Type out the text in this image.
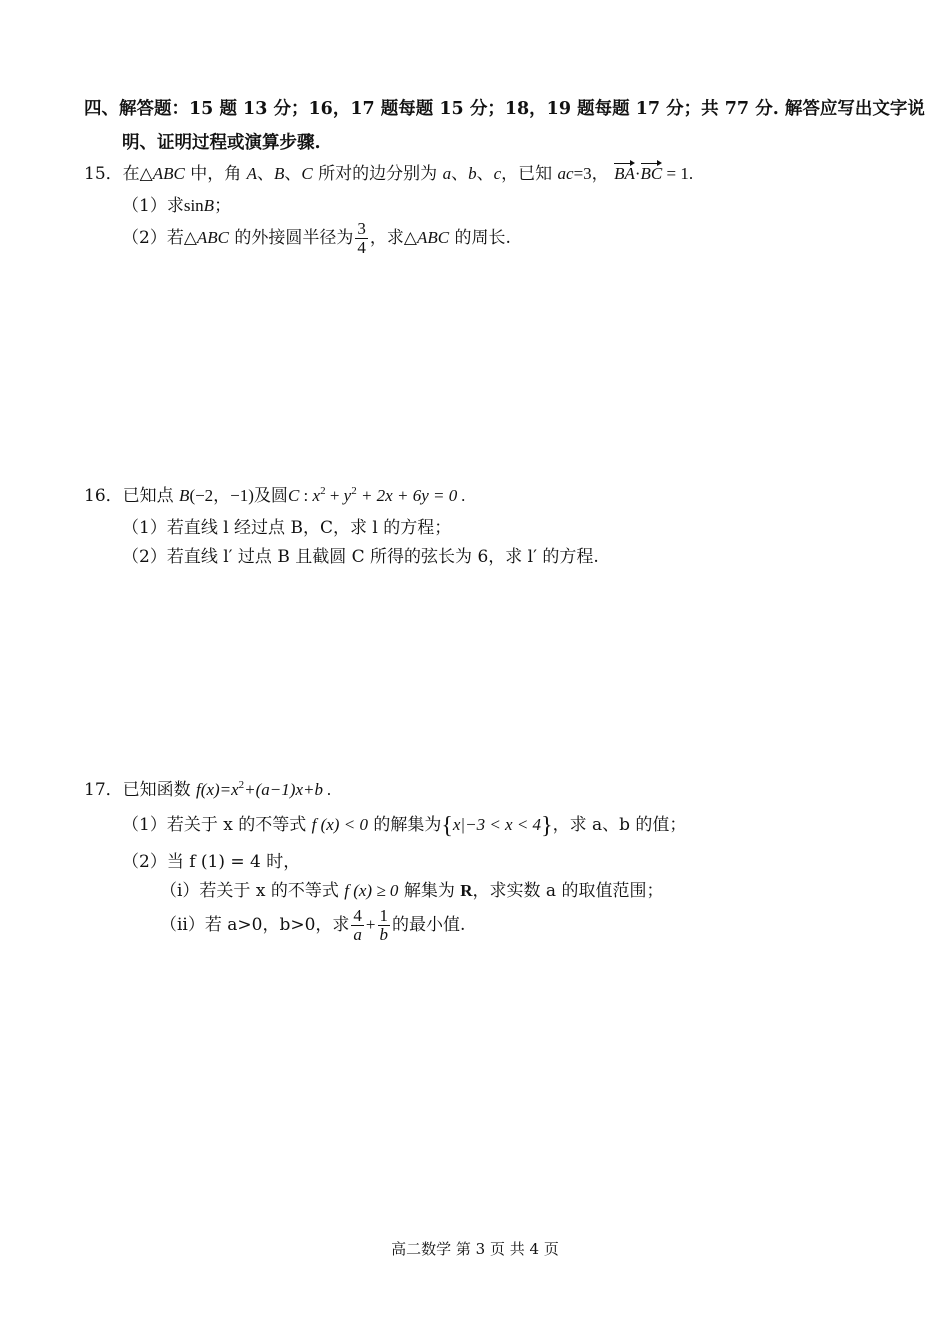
四、解答题：15 题 13 分；16，17 题每题 15 分；18，19 题每题 17 分；共 77 分. 解答应写出文字说
明、证明过程或演算步骤.
15．在△ABC 中，角 A、B、C 所对的边分别为 a、b、c，已知 ac=3， BA·BC = 1.
（1）求sinB；
（2）若△ABC 的外接圆半径为 $\frac{3}{4}$ ，求△ABC 的周长.
16．已知点 B(−2，−1)及圆C : $x^2 + y^2 + 2x + 6y = 0$ .
（1）若直线 l 经过点 B，C，求 l 的方程；
（2）若直线 l′ 过点 B 且截圆 C 所得的弦长为 6，求 l′ 的方程.
17．已知函数 $f(x)=x^2+(a-1)x+b$ .
（1）若关于 x 的不等式 f (x) < 0 的解集为{x|−3 < x < 4}，求 a、b 的值；
（2）当 f (1) = 4 时，
（i）若关于 x 的不等式 f (x) ≥ 0 解集为 R，求实数 a 的取值范围；
（ii）若 a>0，b>0，求 $\frac{4}{a} + \frac{1}{b}$ 的最小值.
高二数学 第 3 页 共 4 页
